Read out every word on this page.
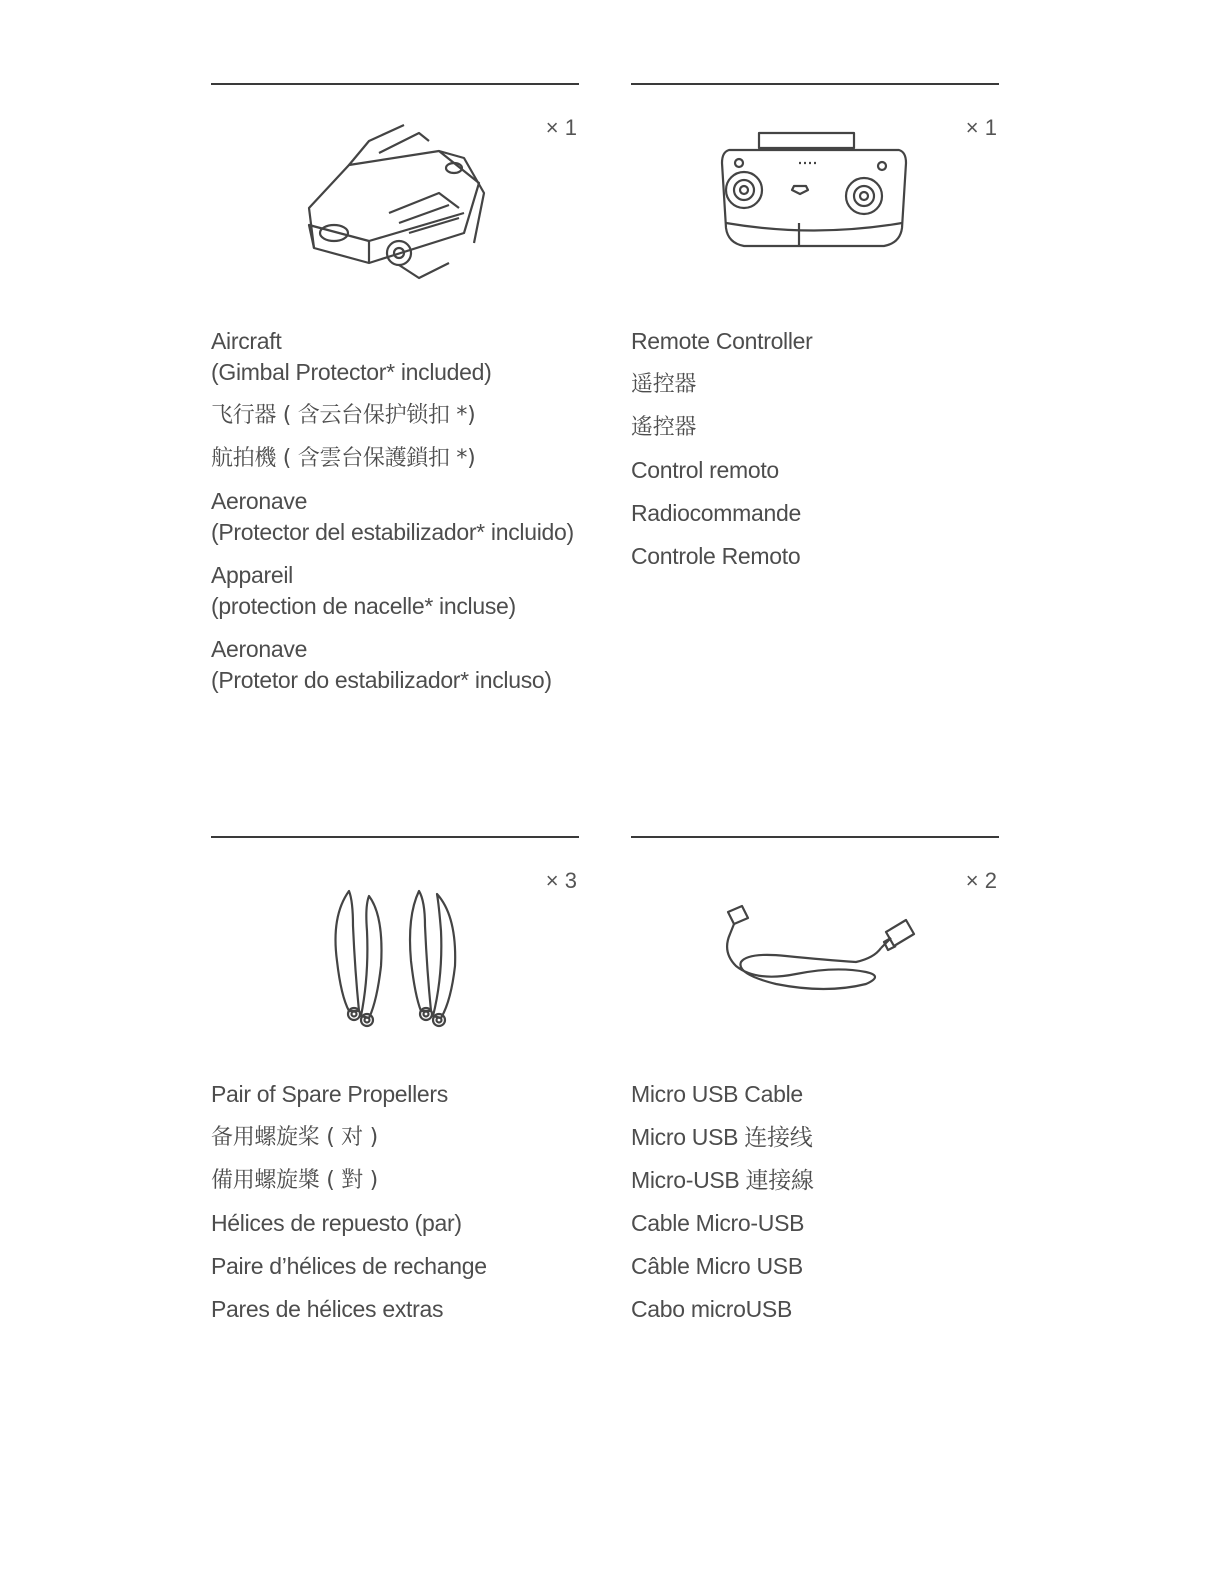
× 1

Aircraft

(Gimbal Protector* included)

飞行器 ( 含云台保护锁扣 *)

航拍機 ( 含雲台保護鎖扣 *)

Aeronave

(Protector del estabilizador* incluido)

Appareil

(protection de nacelle* incluse)

Aeronave

(Protetor do estabilizador* incluso)

× 1

Remote Controller

遥控器

遙控器

Control remoto

Radiocommande

Controle Remoto

× 3

Pair of Spare Propellers

备用螺旋桨 ( 对 )

備用螺旋槳 ( 對 )

Hélices de repuesto (par)

Paire d’hélices de rechange

Pares de hélices extras

× 2

Micro USB Cable

Micro USB 连接线

Micro-USB 連接線

Cable Micro-USB

Câble Micro USB

Cabo microUSB
